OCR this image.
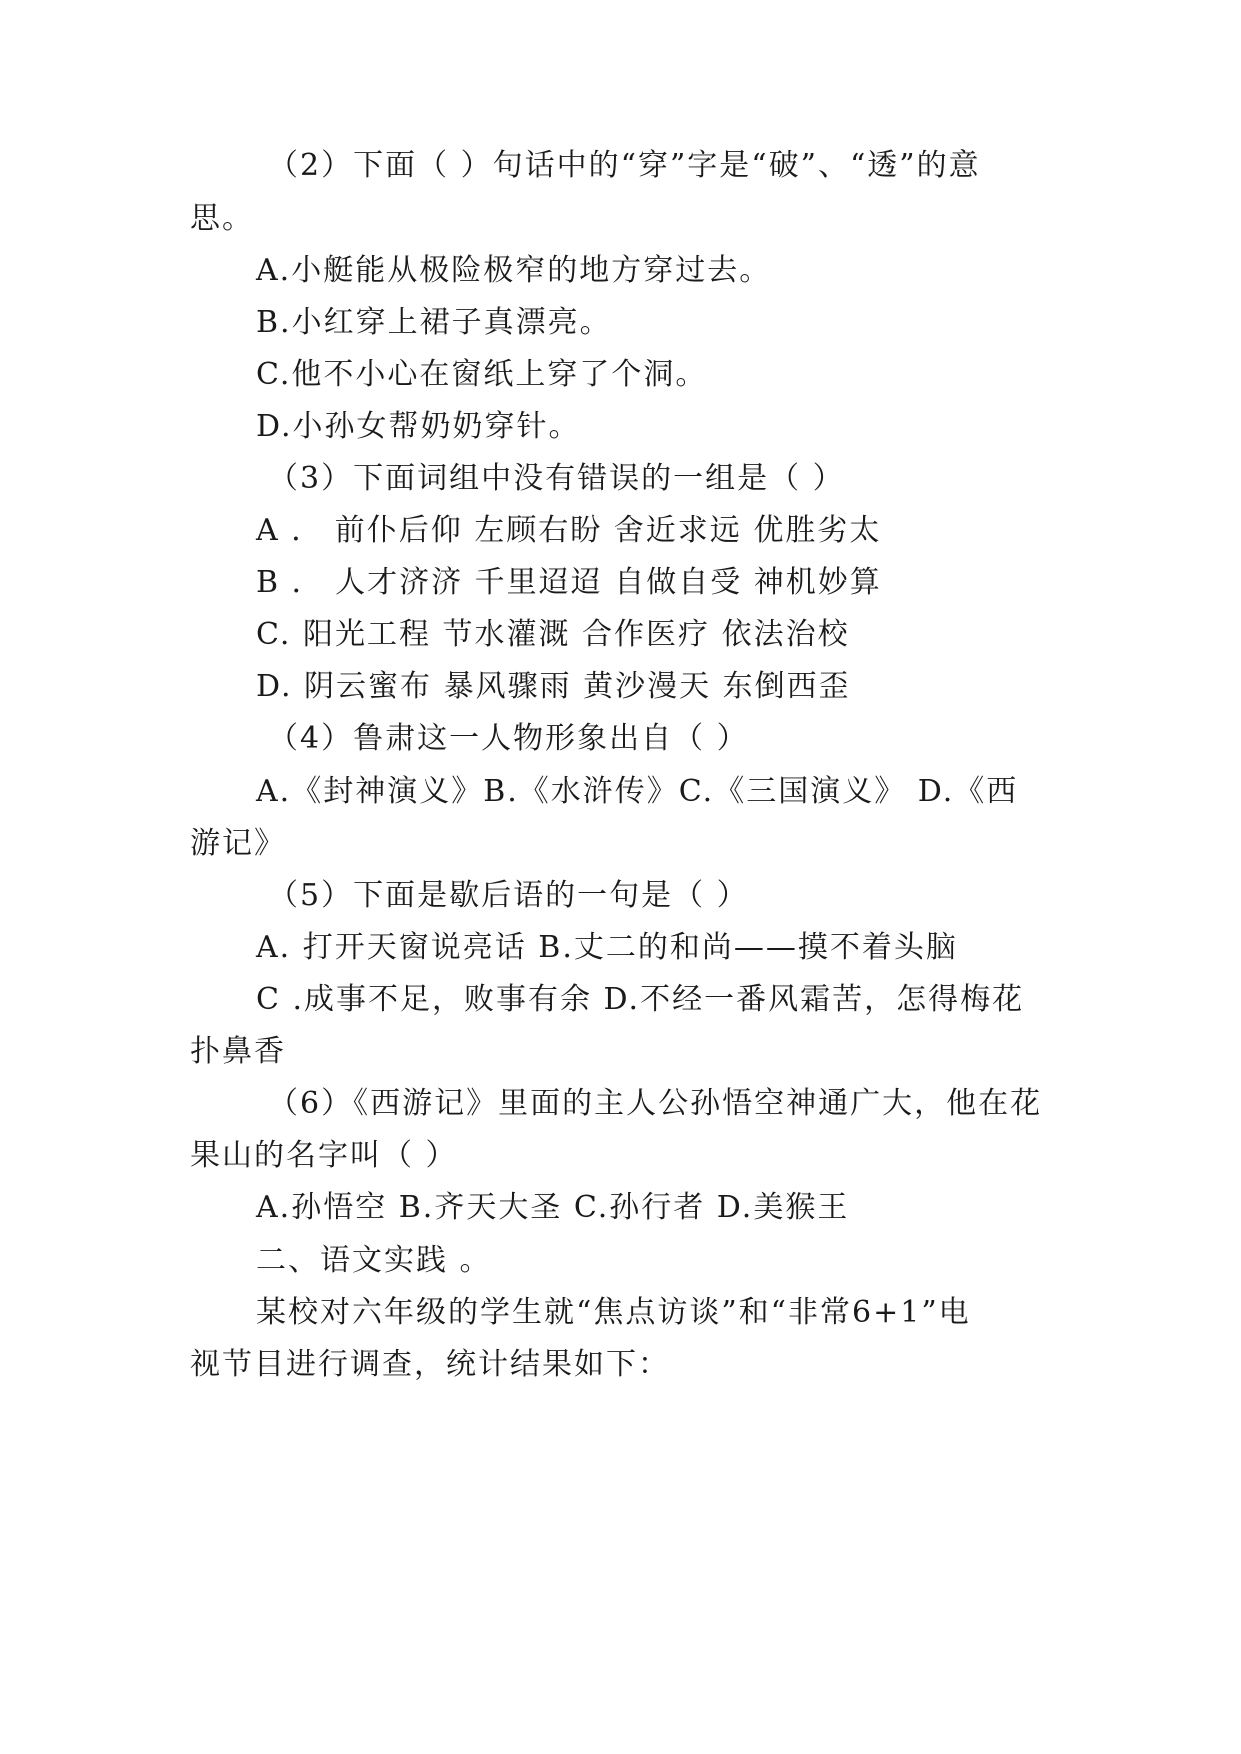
（2）下面（ ）句话中的“穿”字是“破”、“透”的意
思。
A.小艇能从极险极窄的地方穿过去。
B.小红穿上裙子真漂亮。
C.他不小心在窗纸上穿了个洞。
D.小孙女帮奶奶穿针。
（3）下面词组中没有错误的一组是（ ）
A ． 前仆后仰 左顾右盼 舍近求远 优胜劣太
B ． 人才济济 千里迢迢 自做自受 神机妙算
C. 阳光工程 节水灌溉 合作医疗 依法治校
D. 阴云蜜布 暴风骤雨 黄沙漫天 东倒西歪
（4）鲁肃这一人物形象出自（ ）
A.《封神演义》B.《水浒传》C.《三国演义》 D.《西
游记》
（5）下面是歇后语的一句是（ ）
A. 打开天窗说亮话 B.丈二的和尚——摸不着头脑
C .成事不足，败事有余 D.不经一番风霜苦，怎得梅花
扑鼻香
（6）《西游记》里面的主人公孙悟空神通广大，他在花
果山的名字叫（ ）
A.孙悟空 B.齐天大圣 C.孙行者 D.美猴王
二、语文实践 。
某校对六年级的学生就“焦点访谈”和“非常6+1”电
视节目进行调查，统计结果如下：
